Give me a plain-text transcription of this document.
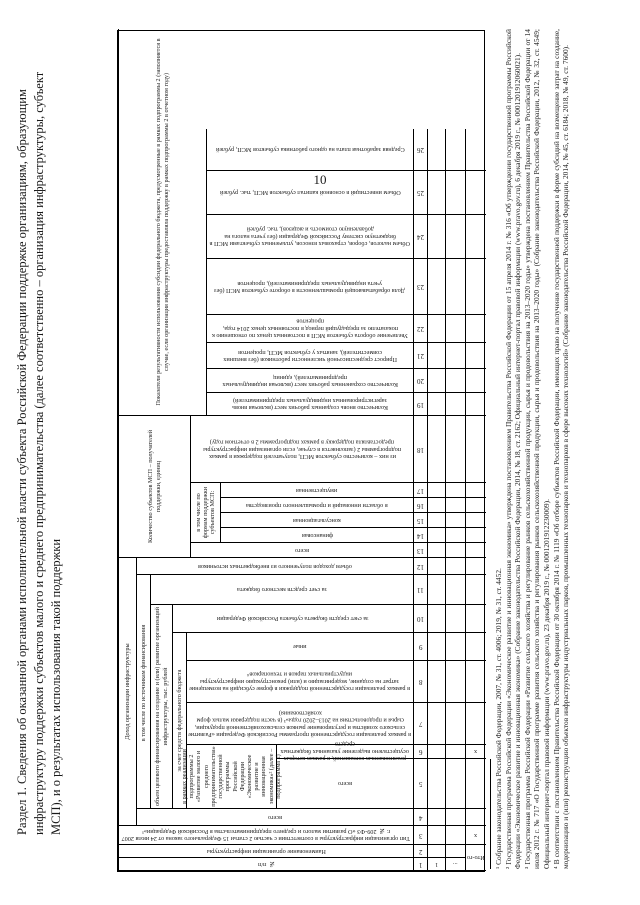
10
Раздел 1. Сведения об оказанной органами исполнительной власти субъекта Российской Федерации поддержке организациям, образующим инфраструктуру поддержки субъектов малого и среднего предпринимательства (далее соответственно – организация инфраструктуры, субъект МСП), и о результатах использования такой поддержки
№ п/п
Наименование организации инфраструктуры
Тип организации инфраструктуры в соответствии с частью 2 статьи 15 Федерального закона от 24 июля 2007 г. № 209-ФЗ «О развитии малого и среднего предпринимательства в Российской Федерации»¹
Доход организации инфраструктуры
всего
в том числе по источникам финансирования объем целевого финансирования на создание и (или) развитие организаций инфраструктуры, тыс. рублей за счет средств федерального бюджета
в рамках реализации подпрограммы 2 «Развитие малого и среднего предпринимательства» государственной программы Российской Федерации «Экономическое развитие и инновационная экономика»² (далее – подпрограмма 2)	всего
реализованных соглашений, в рамках которых осуществлено выделение указанных бюджетных средств
в рамках реализации государственной программы Российской Федерации «Развитие сельского хозяйства и регулирование рынков сельскохозяйственной продукции, сырья и продовольствия на 2013–2020 годы»³ (в части поддержки малых форм хозяйствования)
в рамках реализации государственной поддержки в форме субсидий на возмещение затрат на создание, модернизацию и (или) реконструкцию инфраструктуры индустриальных парков и технопарков⁴
иные
за счет средств бюджета субъекта Российской Федерации
за счет средств местного бюджета
объем доходов полученного из внебюджетных источников
Количество субъектов МСП – получателей поддержки, единиц
всего
в том числе по формам поддержки субъектов МСП:
финансовая
консультационная
в области инноваций и промышленного производства
имущественная
из них – количество субъектов МСП, получателей поддержки в рамках подпрограммы 2 (заполняется в случае, если организация инфраструктуры предоставляла поддержку в рамках подпрограммы 2 в отчетном году)
Показатели результативности использования субсидии федерального бюджета, предусмотренные в рамках подпрограммы 2 (заполняется в случае, если организация инфраструктуры предоставляла поддержку в рамках подпрограммы 2 в отчетном году)
Количество вновь созданных рабочих мест (включая вновь зарегистрированных индивидуальных предпринимателей)
Количество сохраненных рабочих мест (включая индивидуальных предпринимателей), единиц
Прирост среднесписочной численности работников (без внешних совместителей), занятых у субъектов МСП, процентов
Увеличение оборота субъектов МСП в постоянных ценах по отношению к показателю за предыдущий период в постоянных ценах 2014 года, процентов
Доля обрабатывающей промышленности в обороте субъектов МСП (без учета индивидуальных предпринимателей), процентов
Объем налогов, сборов, страховых взносов, уплаченных субъектами МСП в бюджетную систему Российской Федерации (без учета налога на добавленную стоимость и акцизов), тыс. рублей
Объем инвестиций в основной капитал субъектов МСП, тыс. рублей
Средняя заработная плата на одного работника субъектов МСП, рублей
1
2
3
4
5
6
7
8
9
10
11
12
13
14
15
16
17
18
19
20
21
22
23
24
25
26
1 ...
Ито-го
x
x ¹ Собрание законодательства Российской Федерации, 2007, № 31, ст. 4006; 2019, № 31, ст. 4452. ² Государственная программа Российской Федерации «Экономическое развитие и инновационная экономика» утверждена постановлением Правительства Российской Федерации от 15 апреля 2014 г. № 316 «Об утверждении государственной программы Российской Федерации «Экономическое развитие и инновационная экономика» (Собрание законодательства Российской Федерации, 2014, № 18, ст. 2162; Официальный интернет-портал правовой информации (www.pravo.gov.ru), 6 декабря 2019 г., № 0001201912060021). ³ Государственная программа Российской Федерации «Развитие сельского хозяйства и регулирование рынков сельскохозяйственной продукции, сырья и продовольствия на 2013–2020 годы» утверждена постановлением Правительства Российской Федерации от 14 июля 2012 г. № 717 «О Государственной программе развития сельского хозяйства и регулирования рынков сельскохозяйственной продукции, сырья и продовольствия на 2013–2020 годы» (Собрание законодательства Российской Федерации, 2012, № 32, ст. 4549; Официальный интернет-портал правовой информации (www.pravo.gov.ru), 23 декабря 2019 г., № 0001201912230009). ⁴ В соответствии с постановлением Правительства Российской Федерации от 30 октября 2014 г. № 1119 «Об отборе субъектов Российской Федерации, имеющих право на получение государственной поддержки в форме субсидий на возмещение затрат на создание, модернизацию и (или) реконструкцию объектов инфраструктуры индустриальных парков, промышленных технопарков и технопарков в сфере высоких технологий» (Собрание законодательства Российской Федерации, 2014, № 45, ст. 6184; 2018, № 49, ст. 7600).
